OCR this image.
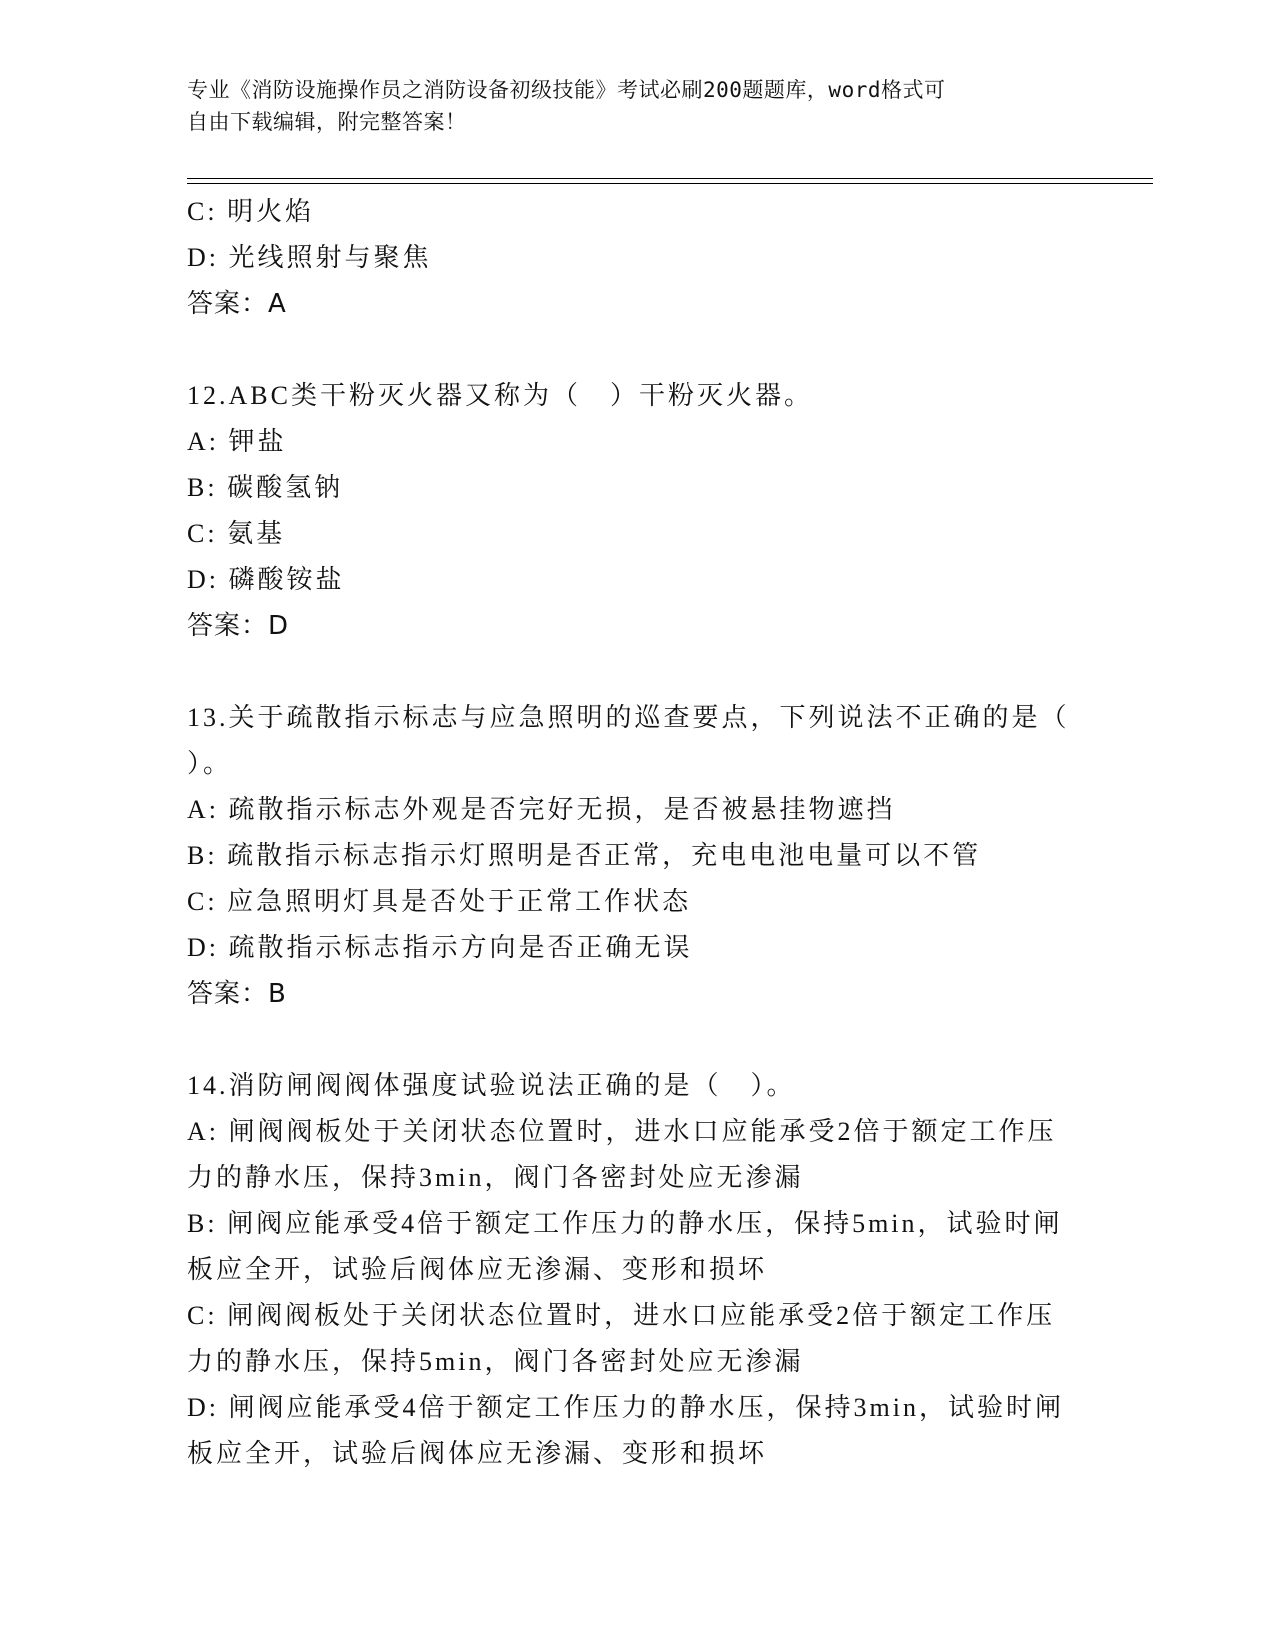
专业《消防设施操作员之消防设备初级技能》考试必刷200题题库，word格式可
自由下载编辑，附完整答案！
C: 明火焰
D: 光线照射与聚焦
答案：A
12.ABC类干粉灭火器又称为（　）干粉灭火器。
A: 钾盐
B: 碳酸氢钠
C: 氨基
D: 磷酸铵盐
答案：D
13.关于疏散指示标志与应急照明的巡查要点，下列说法不正确的是（
）。
A: 疏散指示标志外观是否完好无损，是否被悬挂物遮挡
B: 疏散指示标志指示灯照明是否正常，充电电池电量可以不管
C: 应急照明灯具是否处于正常工作状态
D: 疏散指示标志指示方向是否正确无误
答案：B
14.消防闸阀阀体强度试验说法正确的是（　）。
A: 闸阀阀板处于关闭状态位置时，进水口应能承受2倍于额定工作压
力的静水压，保持3min，阀门各密封处应无渗漏
B: 闸阀应能承受4倍于额定工作压力的静水压，保持5min，试验时闸
板应全开，试验后阀体应无渗漏、变形和损坏
C: 闸阀阀板处于关闭状态位置时，进水口应能承受2倍于额定工作压
力的静水压，保持5min，阀门各密封处应无渗漏
D: 闸阀应能承受4倍于额定工作压力的静水压，保持3min，试验时闸
板应全开，试验后阀体应无渗漏、变形和损坏
